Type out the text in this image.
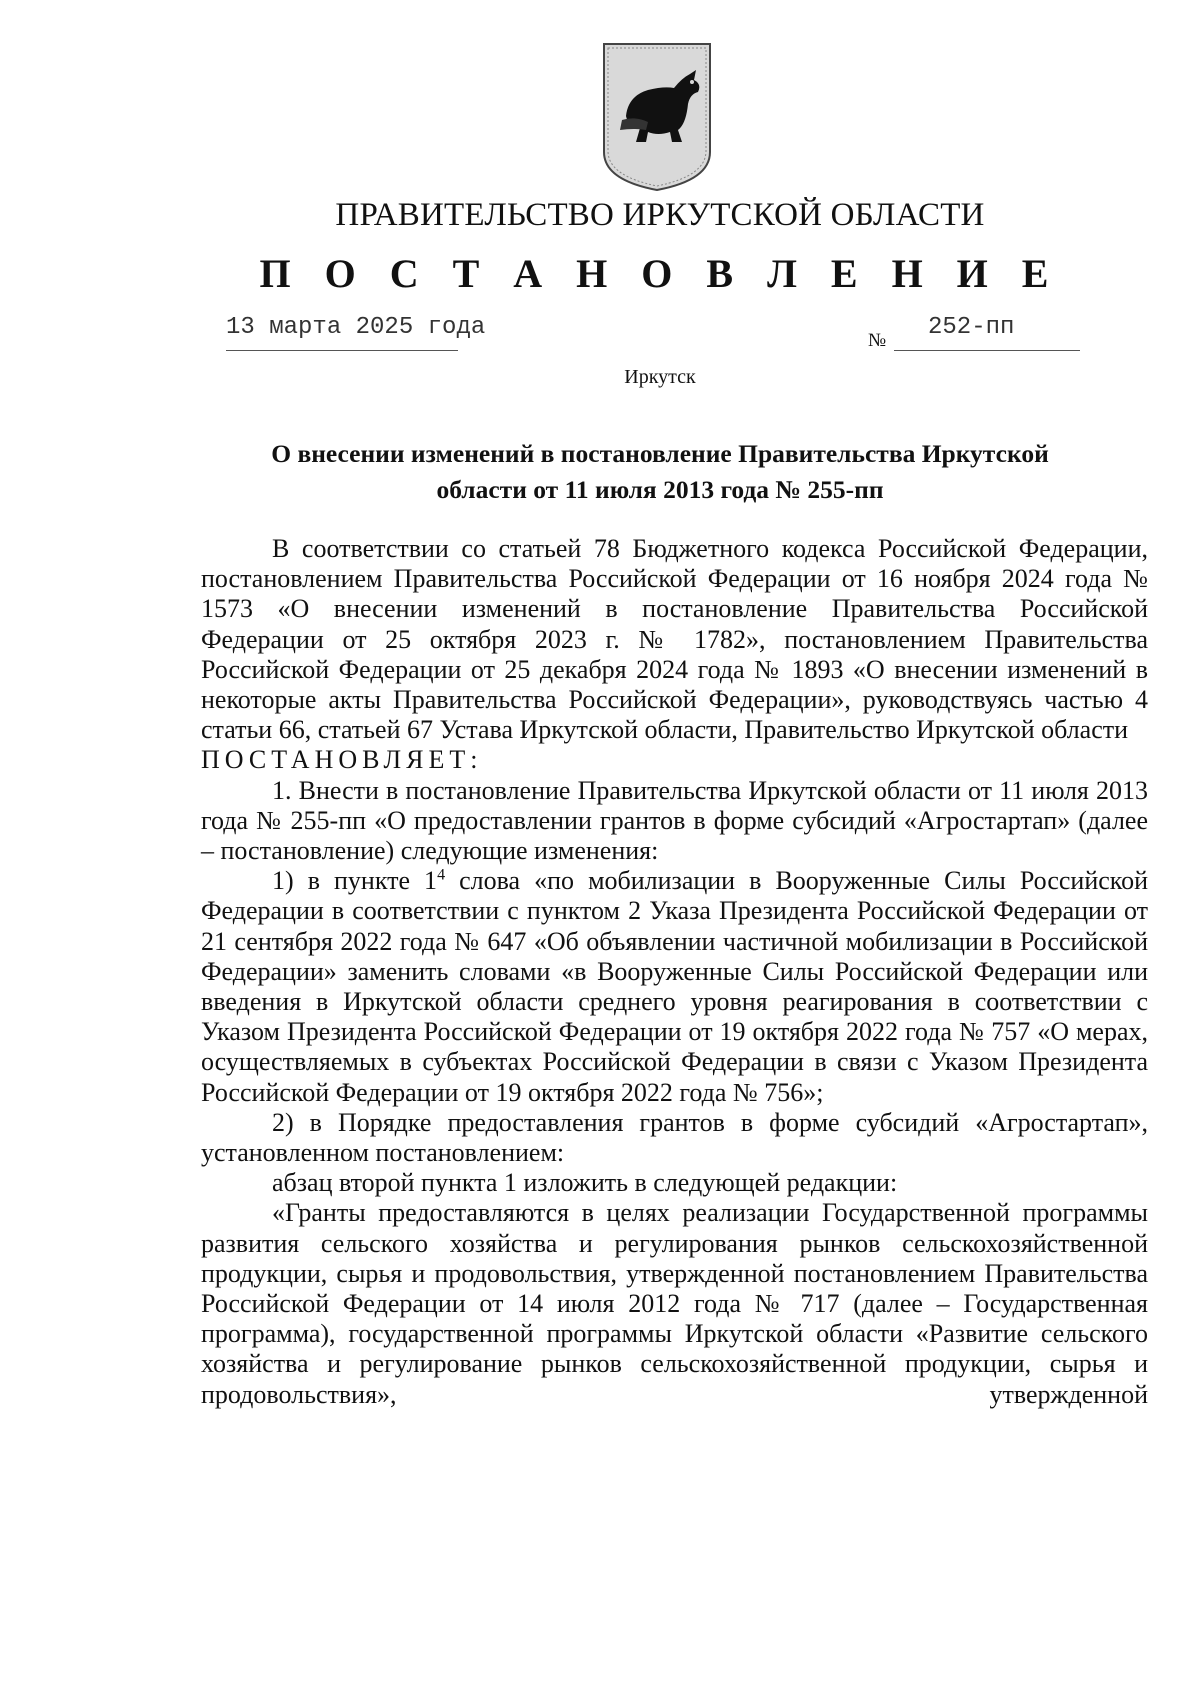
ПРАВИТЕЛЬСТВО ИРКУТСКОЙ ОБЛАСТИ
П О С Т А Н О В Л Е Н И Е
13 марта 2025 года	№ 252-пп
Иркутск
О внесении изменений в постановление Правительства Иркутской
области от 11 июля 2013 года № 255-пп

В соответствии со статьей 78 Бюджетного кодекса Российской Федерации, постановлением Правительства Российской Федерации от 16 ноября 2024 года № 1573 «О внесении изменений в постановление Правительства Российской Федерации от 25 октября 2023 г. № 1782», постановлением Правительства Российской Федерации от 25 декабря 2024 года № 1893 «О внесении изменений в некоторые акты Правительства Российской Федерации», руководствуясь частью 4 статьи 66, статьей 67 Устава Иркутской области, Правительство Иркутской области

ПОСТАНОВЛЯЕТ:

1. Внести в постановление Правительства Иркутской области от 11 июля 2013 года № 255-пп «О предоставлении грантов в форме субсидий «Агростартап» (далее – постановление) следующие изменения:

1) в пункте $1^4$ слова «по мобилизации в Вооруженные Силы Российской Федерации в соответствии с пунктом 2 Указа Президента Российской Федерации от 21 сентября 2022 года № 647 «Об объявлении частичной мобилизации в Российской Федерации» заменить словами «в Вооруженные Силы Российской Федерации или введения в Иркутской области среднего уровня реагирования в соответствии с Указом Президента Российской Федерации от 19 октября 2022 года № 757 «О мерах, осуществляемых в субъектах Российской Федерации в связи с Указом Президента Российской Федерации от 19 октября 2022 года № 756»;

2) в Порядке предоставления грантов в форме субсидий «Агростартап», установленном постановлением:

абзац второй пункта 1 изложить в следующей редакции:

«Гранты предоставляются в целях реализации Государственной программы развития сельского хозяйства и регулирования рынков сельскохозяйственной продукции, сырья и продовольствия, утвержденной постановлением Правительства Российской Федерации от 14 июля 2012 года № 717 (далее – Государственная программа), государственной программы Иркутской области «Развитие сельского хозяйства и регулирование рынков сельскохозяйственной продукции, сырья и продовольствия», утвержденной
